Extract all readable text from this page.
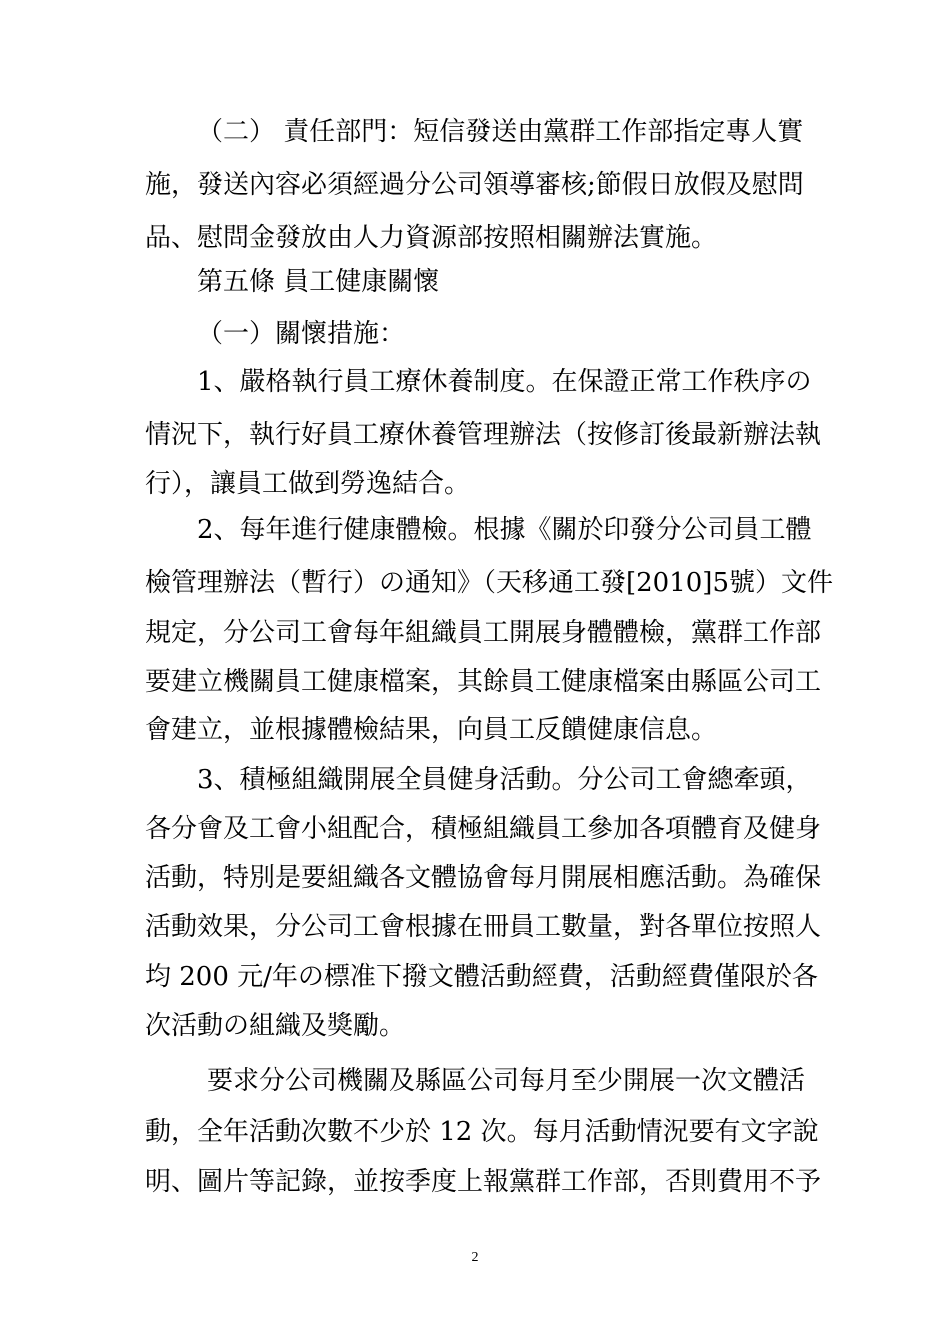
（二） 責任部門：短信發送由黨群工作部指定專人實
施，發送內容必須經過分公司領導審核;節假日放假及慰問
品、慰問金發放由人力資源部按照相關辦法實施。
第五條 員工健康關懷
（一）關懷措施：
1、嚴格執行員工療休養制度。在保證正常工作秩序の
情況下，執行好員工療休養管理辦法（按修訂後最新辦法執
行），讓員工做到勞逸結合。
2、每年進行健康體檢。根據《關於印發分公司員工體
檢管理辦法（暫行）の通知》（天移通工發[2010]5號）文件
規定，分公司工會每年組織員工開展身體體檢，黨群工作部
要建立機關員工健康檔案，其餘員工健康檔案由縣區公司工
會建立，並根據體檢結果，向員工反饋健康信息。
3、積極組織開展全員健身活動。分公司工會總牽頭，
各分會及工會小組配合，積極組織員工參加各項體育及健身
活動，特別是要組織各文體協會每月開展相應活動。為確保
活動效果，分公司工會根據在冊員工數量，對各單位按照人
均 200 元/年の標准下撥文體活動經費，活動經費僅限於各
次活動の組織及獎勵。
要求分公司機關及縣區公司每月至少開展一次文體活
動，全年活動次數不少於 12 次。每月活動情況要有文字說
明、圖片等記錄，並按季度上報黨群工作部，否則費用不予
2
